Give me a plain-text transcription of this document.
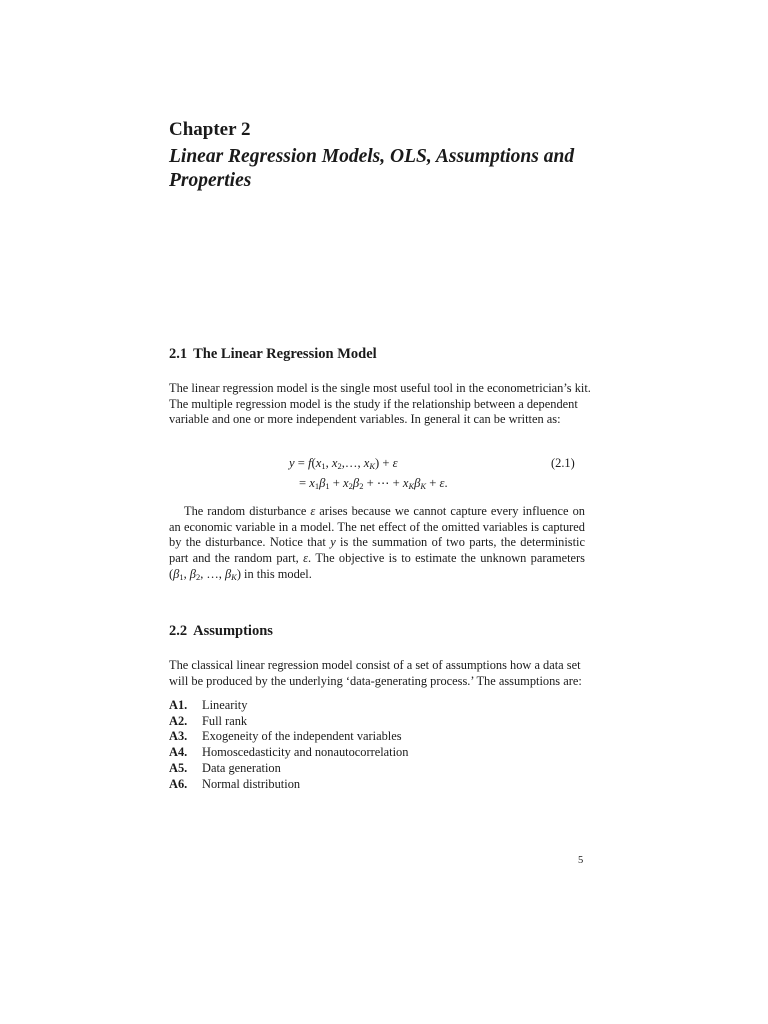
Chapter 2
Linear Regression Models, OLS, Assumptions and
Properties
2.1 The Linear Regression Model
The linear regression model is the single most useful tool in the econometrician’s kit.
The multiple regression model is the study if the relationship between a dependent
variable and one or more independent variables. In general it can be written as:
$y = f(x_1$, $x_2,\dots$, $x_K) + \varepsilon$
= $x_1\beta_1 + x_2\beta_2$ + ⋯ + $x_K\beta_K + \varepsilon$.
(2.1)
The random disturbance ε arises because we cannot capture every influence on
an economic variable in a model. The net effect of the omitted variables is captured
by the disturbance. Notice that y is the summation of two parts, the deterministic
part and the random part, ε. The objective is to estimate the unknown parameters
($\beta_1$, $\beta_2$, …, $\beta_K$) in this model.
2.2 Assumptions
The classical linear regression model consist of a set of assumptions how a data set
will be produced by the underlying ‘data-generating process.’ The assumptions are:
A1. Linearity
A2. Full rank
A3. Exogeneity of the independent variables
A4. Homoscedasticity and nonautocorrelation
A5. Data generation
A6. Normal distribution
5
